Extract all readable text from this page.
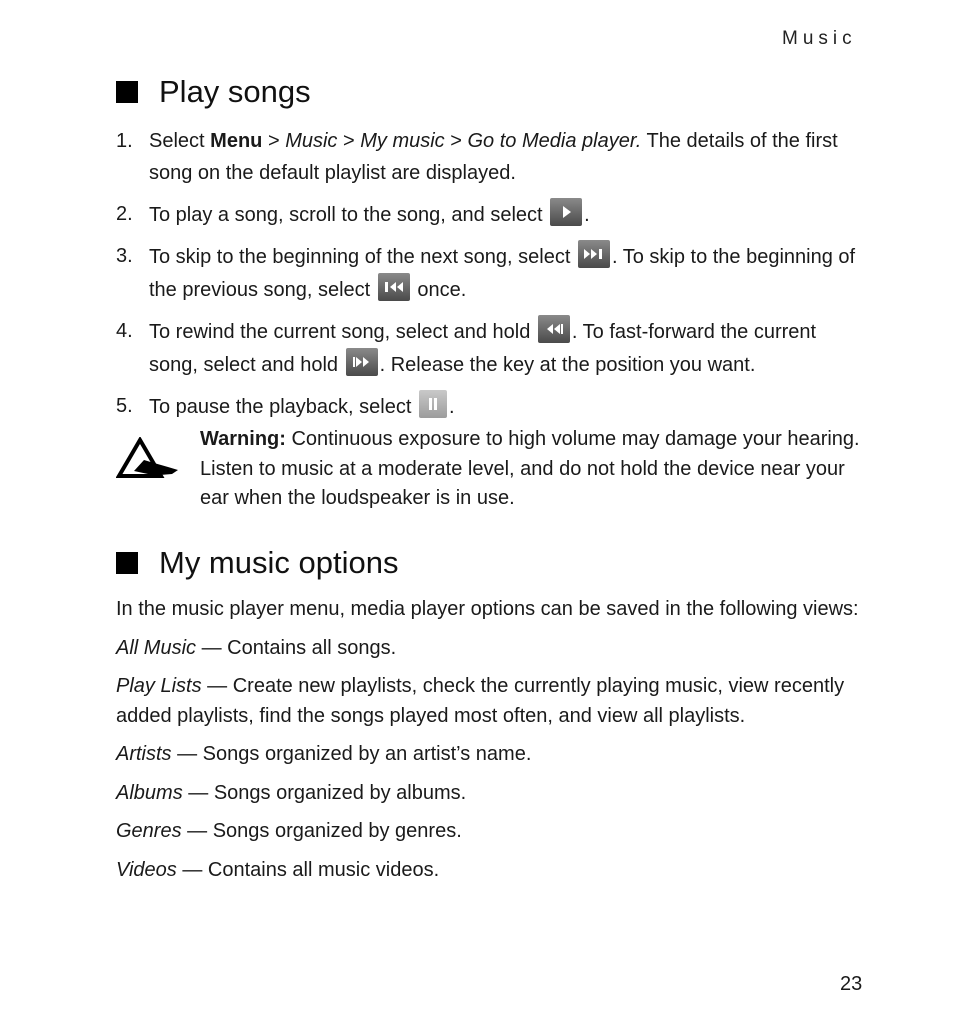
Music
Play songs
1. Select Menu > Music > My music > Go to Media player. The details of the first song on the default playlist are displayed.
2. To play a song, scroll to the song, and select .
3. To skip to the beginning of the next song, select . To skip to the beginning of the previous song, select once.
4. To rewind the current song, select and hold . To fast-forward the current song, select and hold . Release the key at the position you want.
5. To pause the playback, select .
Warning: Continuous exposure to high volume may damage your hearing. Listen to music at a moderate level, and do not hold the device near your ear when the loudspeaker is in use.
My music options

In the music player menu, media player options can be saved in the following views:

All Music — Contains all songs.

Play Lists — Create new playlists, check the currently playing music, view recently added playlists, find the songs played most often, and view all playlists.

Artists — Songs organized by an artist’s name.

Albums — Songs organized by albums.

Genres — Songs organized by genres.

Videos — Contains all music videos.

23
